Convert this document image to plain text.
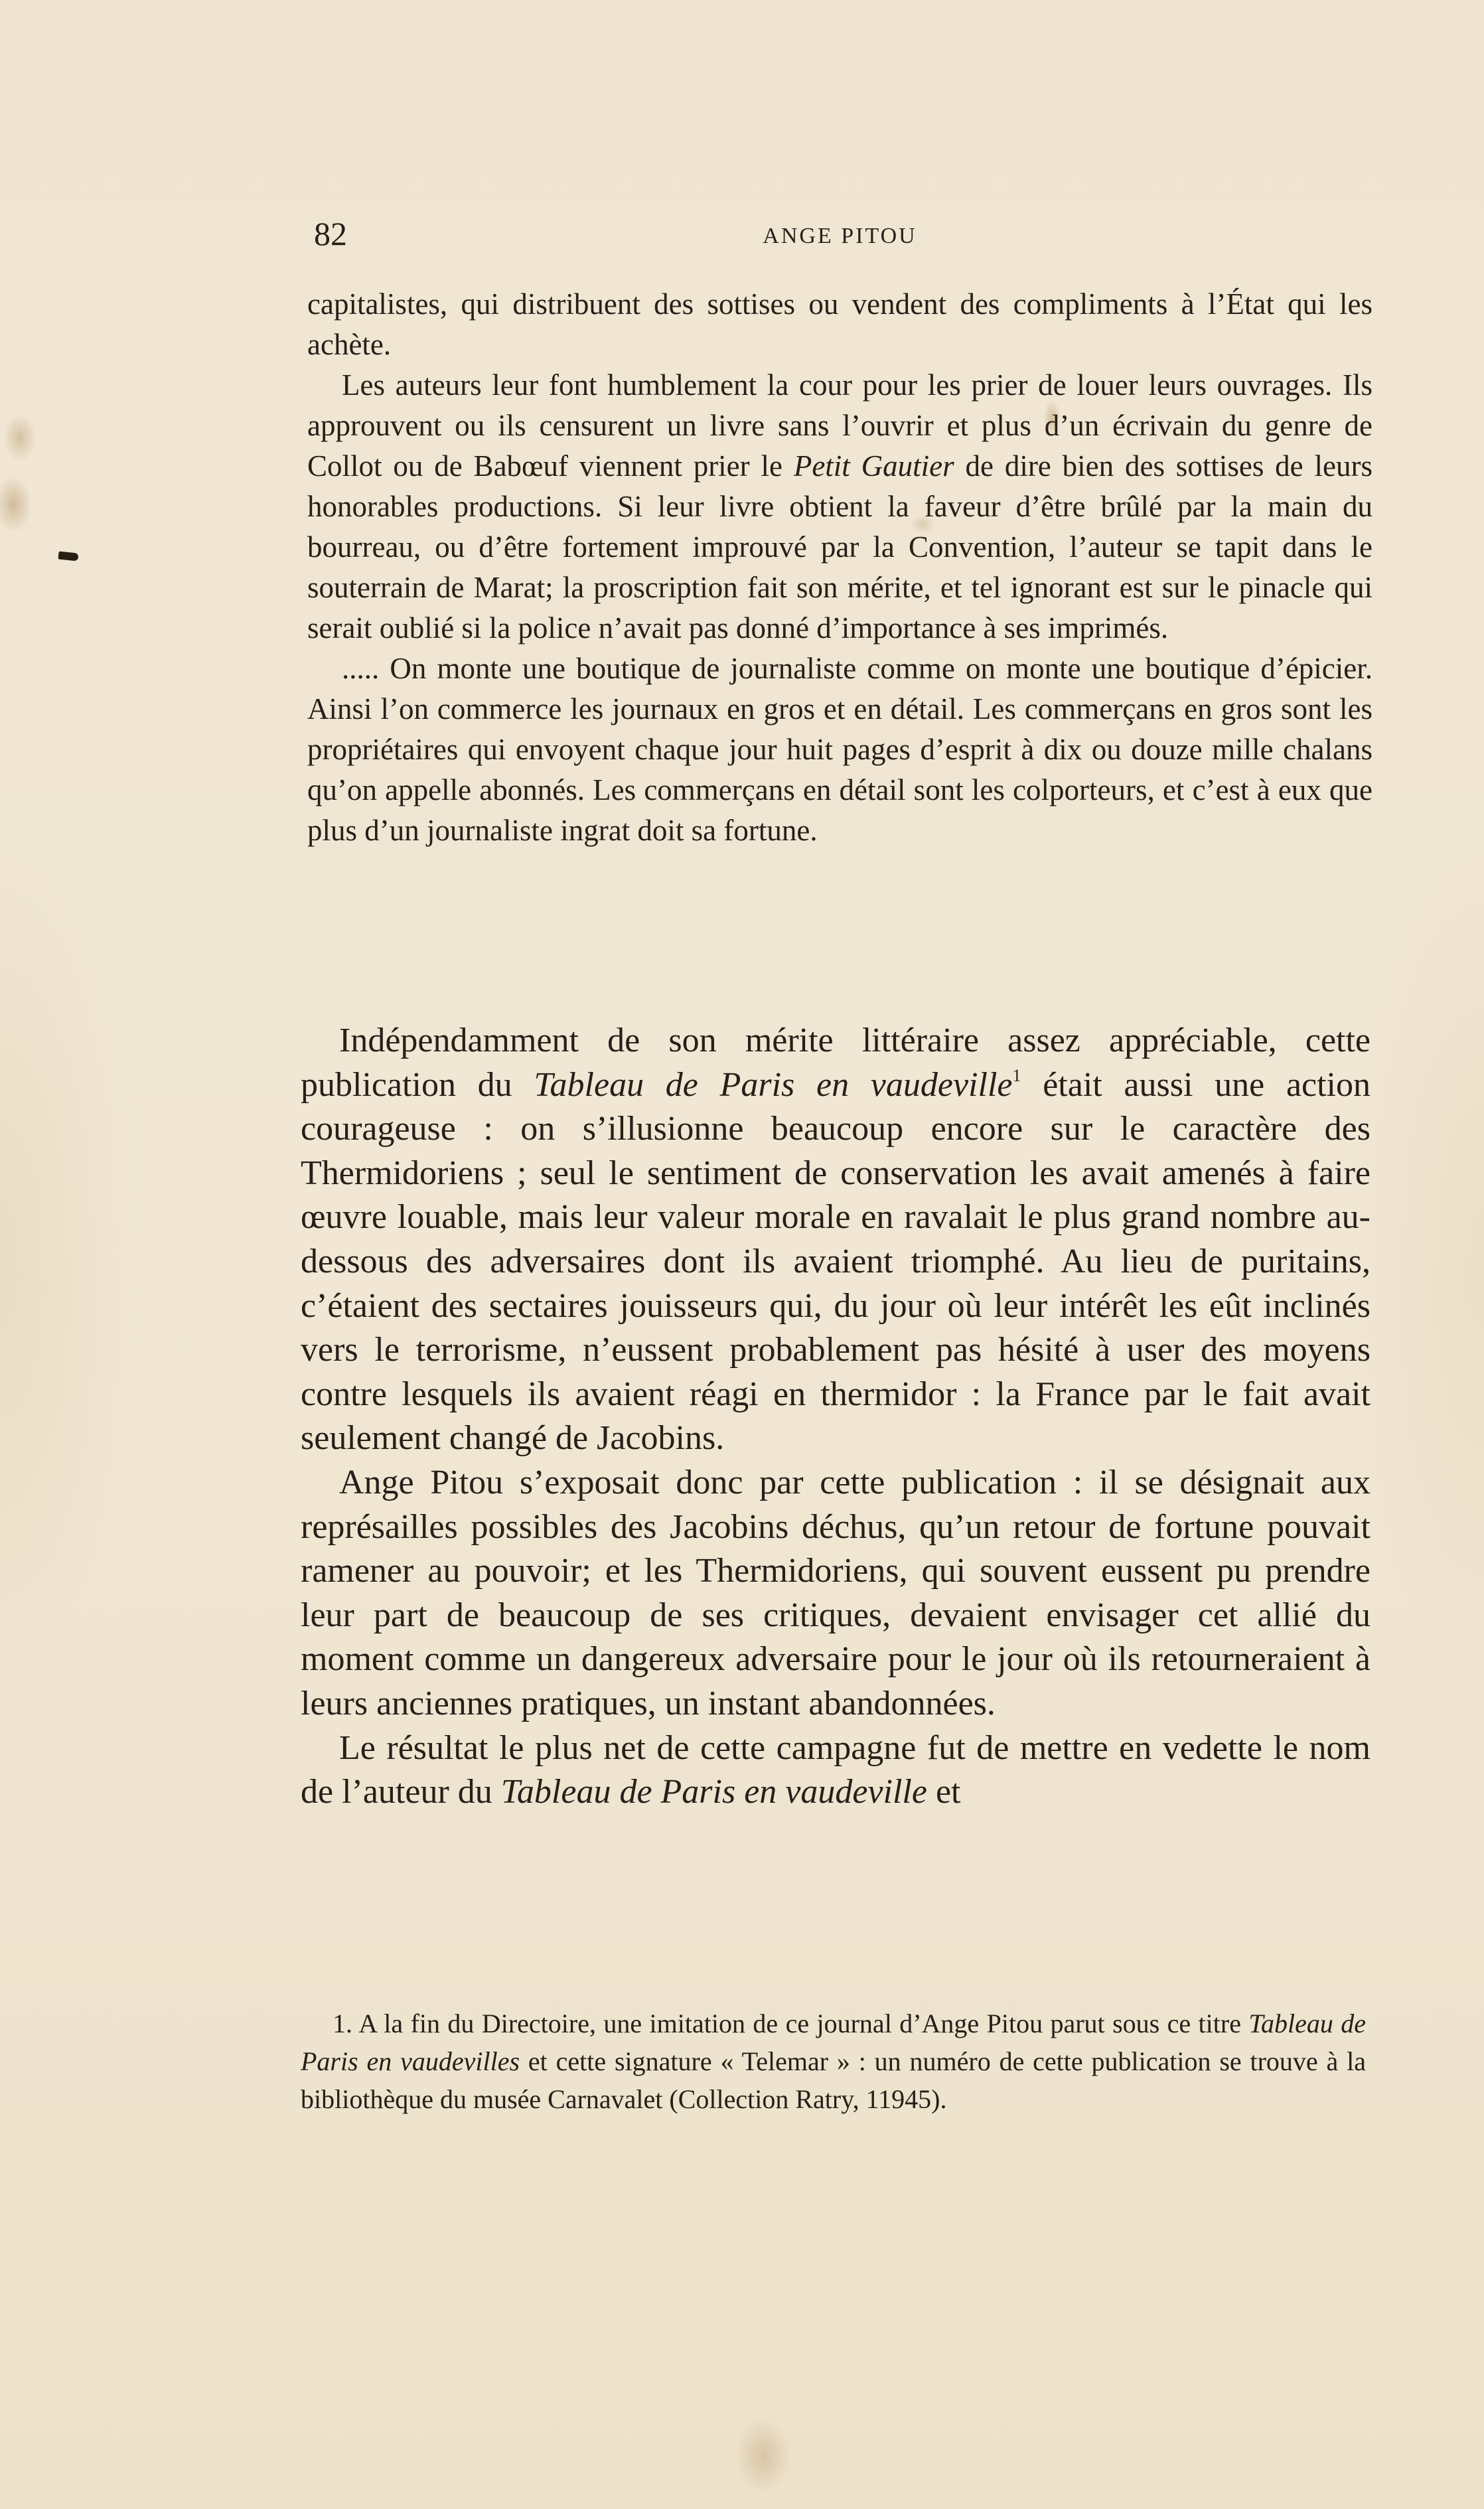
82	ANGE PITOU

capitalistes, qui distribuent des sottises ou vendent des compliments à l’État qui les achète.

Les auteurs leur font humblement la cour pour les prier de louer leurs ouvrages. Ils approuvent ou ils censurent un livre sans l’ouvrir et plus d’un écrivain du genre de Collot ou de Babœuf viennent prier le Petit Gautier de dire bien des sottises de leurs honorables productions. Si leur livre obtient la faveur d’être brûlé par la main du bourreau, ou d’être fortement improuvé par la Convention, l’auteur se tapit dans le souterrain de Marat; la proscription fait son mérite, et tel ignorant est sur le pinacle qui serait oublié si la police n’avait pas donné d’importance à ses imprimés.

..... On monte une boutique de journaliste comme on monte une boutique d’épicier. Ainsi l’on commerce les journaux en gros et en détail. Les commerçans en gros sont les propriétaires qui envoyent chaque jour huit pages d’esprit à dix ou douze mille chalans qu’on appelle abonnés. Les commerçans en détail sont les colporteurs, et c’est à eux que plus d’un journaliste ingrat doit sa fortune.

Indépendamment de son mérite littéraire assez appréciable, cette publication du Tableau de Paris en vaudeville$^1$ était aussi une action courageuse : on s’illusionne beaucoup encore sur le caractère des Thermidoriens ; seul le sentiment de conservation les avait amenés à faire œuvre louable, mais leur valeur morale en ravalait le plus grand nombre au-dessous des adversaires dont ils avaient triomphé. Au lieu de puritains, c’étaient des sectaires jouisseurs qui, du jour où leur intérêt les eût inclinés vers le terrorisme, n’eussent probablement pas hésité à user des moyens contre lesquels ils avaient réagi en thermidor : la France par le fait avait seulement changé de Jacobins.

Ange Pitou s’exposait donc par cette publication : il se désignait aux représailles possibles des Jacobins déchus, qu’un retour de fortune pouvait ramener au pouvoir; et les Thermidoriens, qui souvent eussent pu prendre leur part de beaucoup de ses critiques, devaient envisager cet allié du moment comme un dangereux adversaire pour le jour où ils retourneraient à leurs anciennes pratiques, un instant abandonnées.

Le résultat le plus net de cette campagne fut de mettre en vedette le nom de l’auteur du Tableau de Paris en vaudeville et

1. A la fin du Directoire, une imitation de ce journal d’Ange Pitou parut sous ce titre Tableau de Paris en vaudevilles et cette signature « Telemar » : un numéro de cette publication se trouve à la bibliothèque du musée Carnavalet (Collection Ratry, 11945).
